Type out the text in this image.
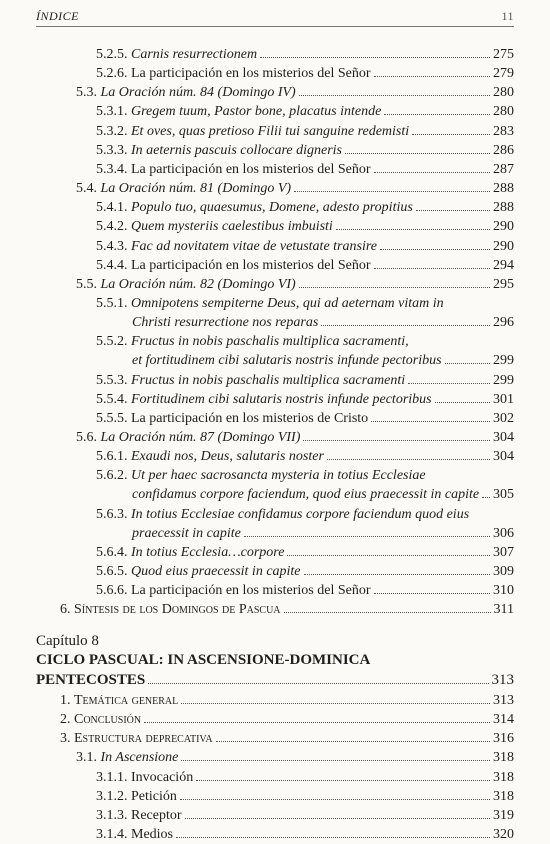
ÍNDICE	11
5.2.5. Carnis resurrectionem	275
5.2.6. La participación en los misterios del Señor	279
5.3. La Oración núm. 84 (Domingo IV)	280
5.3.1. Gregem tuum, Pastor bone, placatus intende	280
5.3.2. Et oves, quas pretioso Filii tui sanguine redemisti	283
5.3.3. In aeternis pascuis collocare digneris	286
5.3.4. La participación en los misterios del Señor	287
5.4. La Oración núm. 81 (Domingo V)	288
5.4.1. Populo tuo, quaesumus, Domene, adesto propitius	288
5.4.2. Quem mysteriis caelestibus imbuisti	290
5.4.3. Fac ad novitatem vitae de vetustate transire	290
5.4.4. La participación en los misterios del Señor	294
5.5. La Oración núm. 82 (Domingo VI)	295
5.5.1. Omnipotens sempiterne Deus, qui ad aeternam vitam in
Christi resurrectione nos reparas	296
5.5.2. Fructus in nobis paschalis multiplica sacramenti,
et fortitudinem cibi salutaris nostris infunde pectoribus	299
5.5.3. Fructus in nobis paschalis multiplica sacramenti	299
5.5.4. Fortitudinem cibi salutaris nostris infunde pectoribus	301
5.5.5. La participación en los misterios de Cristo	302
5.6. La Oración núm. 87 (Domingo VII)	304
5.6.1. Exaudi nos, Deus, salutaris noster	304
5.6.2. Ut per haec sacrosancta mysteria in totius Ecclesiae
confidamus corpore faciendum, quod eius praecessit in capite 305
5.6.3. In totius Ecclesiae confidamus corpore faciendum quod eius
praecessit in capite	306
5.6.4. In totius Ecclesia…corpore	307
5.6.5. Quod eius praecessit in capite	309
5.6.6. La participación en los misterios del Señor	310
6. Síntesis de los Domingos de Pascua	311
Capítulo 8
CICLO PASCUAL: IN ASCENSIONE-DOMINICA
PENTECOSTES	313
1. Temática general	313
2. Conclusión	314
3. Estructura deprecativa	316
3.1. In Ascensione	318
3.1.1. Invocación	318
3.1.2. Petición	318
3.1.3. Receptor	319
3.1.4. Medios	320
